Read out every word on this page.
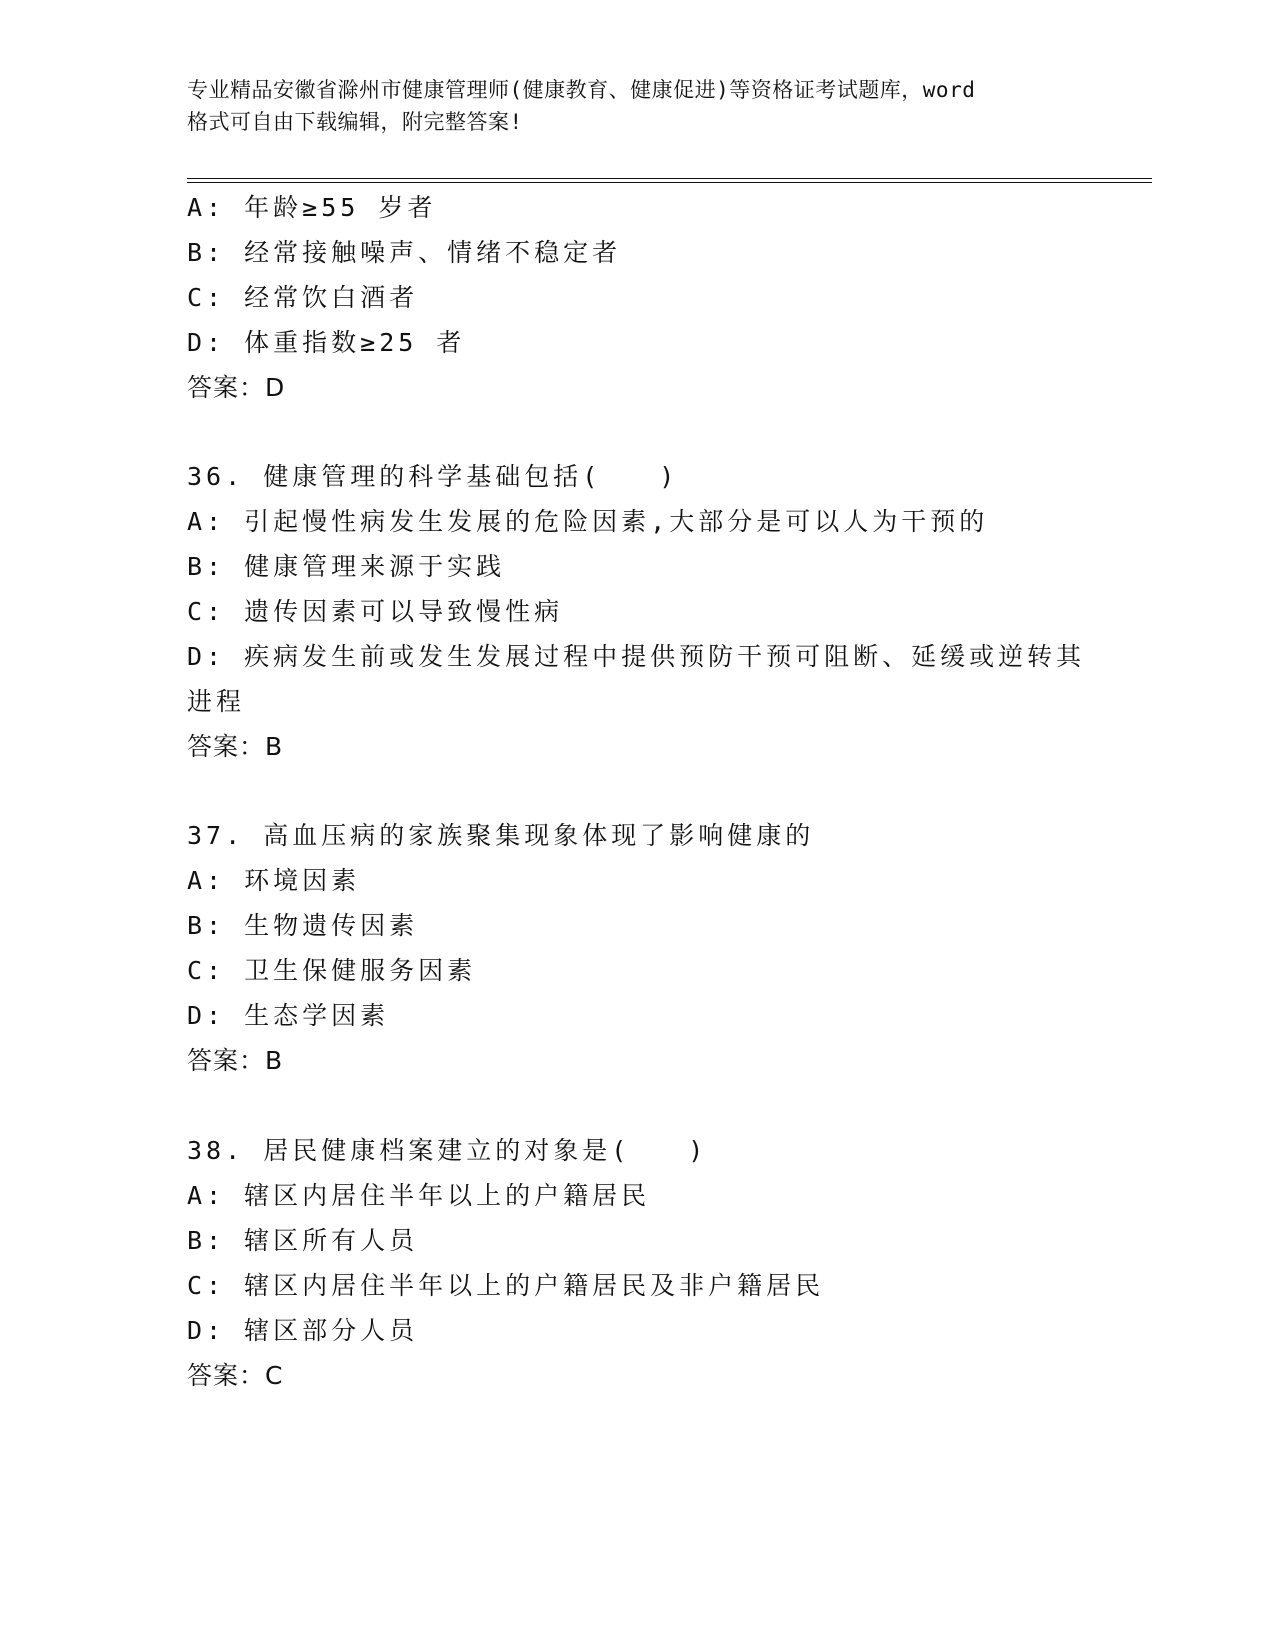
专业精品安徽省滁州市健康管理师(健康教育、健康促进)等资格证考试题库，word
格式可自由下载编辑，附完整答案!
A: 年龄≥55 岁者
B: 经常接触噪声、情绪不稳定者
C: 经常饮白酒者
D: 体重指数≥25 者
答案：D
36. 健康管理的科学基础包括(　　)
A: 引起慢性病发生发展的危险因素,大部分是可以人为干预的
B: 健康管理来源于实践
C: 遗传因素可以导致慢性病
D: 疾病发生前或发生发展过程中提供预防干预可阻断、延缓或逆转其
进程
答案：B
37. 高血压病的家族聚集现象体现了影响健康的
A: 环境因素
B: 生物遗传因素
C: 卫生保健服务因素
D: 生态学因素
答案：B
38. 居民健康档案建立的对象是(　　)
A: 辖区内居住半年以上的户籍居民
B: 辖区所有人员
C: 辖区内居住半年以上的户籍居民及非户籍居民
D: 辖区部分人员
答案：C
